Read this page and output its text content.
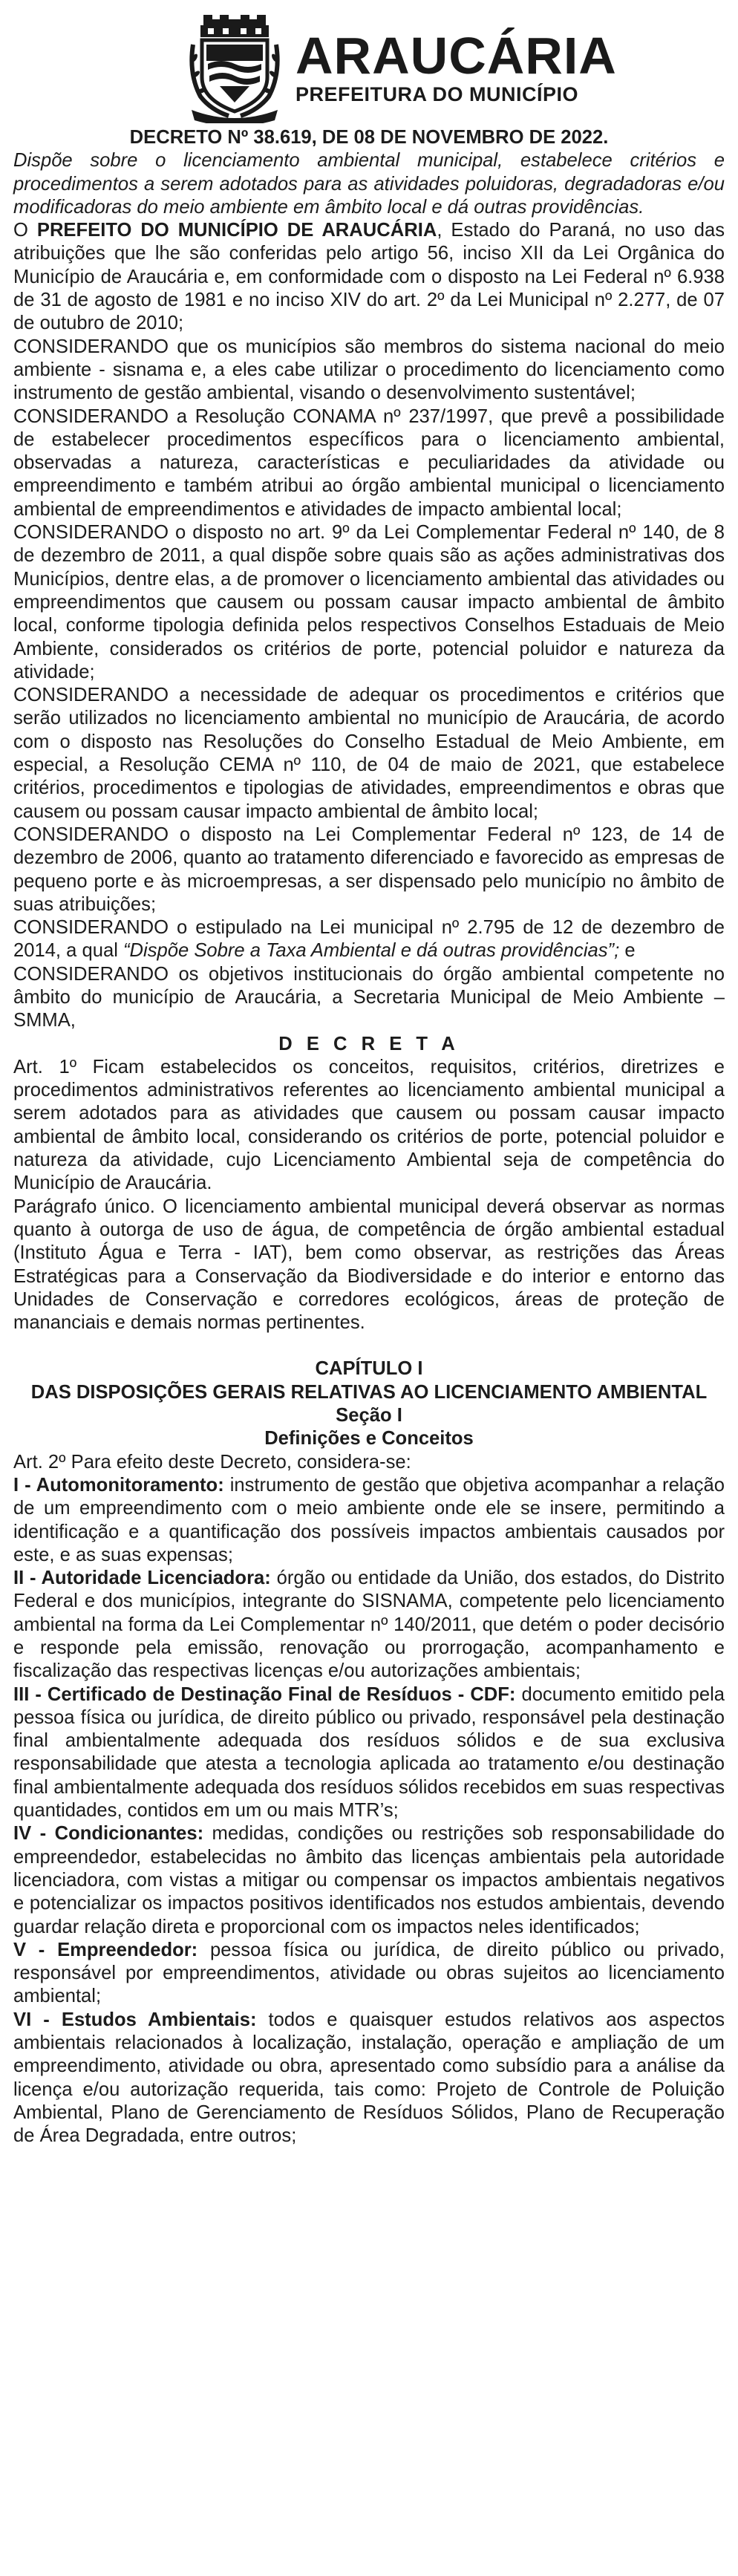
ARAUCÁRIA
PREFEITURA DO MUNICÍPIO

DECRETO Nº 38.619, DE 08 DE NOVEMBRO DE 2022.

Dispõe sobre o licenciamento ambiental municipal, estabelece critérios e procedimentos a serem adotados para as atividades poluidoras, degradadoras e/ou modificadoras do meio ambiente em âmbito local e dá outras providências.

O PREFEITO DO MUNICÍPIO DE ARAUCÁRIA, Estado do Paraná, no uso das atribuições que lhe são conferidas pelo artigo 56, inciso XII da Lei Orgânica do Município de Araucária e, em conformidade com o disposto na Lei Federal nº 6.938 de 31 de agosto de 1981 e no inciso XIV do art. 2º da Lei Municipal nº 2.277, de 07 de outubro de 2010;

CONSIDERANDO que os municípios são membros do sistema nacional do meio ambiente - sisnama e, a eles cabe utilizar o procedimento do licenciamento como instrumento de gestão ambiental, visando o desenvolvimento sustentável;

CONSIDERANDO a Resolução CONAMA nº 237/1997, que prevê a possibilidade de estabelecer procedimentos específicos para o licenciamento ambiental, observadas a natureza, características e peculiaridades da atividade ou empreendimento e também atribui ao órgão ambiental municipal o licenciamento ambiental de empreendimentos e atividades de impacto ambiental local;

CONSIDERANDO o disposto no art. 9º da Lei Complementar Federal nº 140, de 8 de dezembro de 2011, a qual dispõe sobre quais são as ações administrativas dos Municípios, dentre elas, a de promover o licenciamento ambiental das atividades ou empreendimentos que causem ou possam causar impacto ambiental de âmbito local, conforme tipologia definida pelos respectivos Conselhos Estaduais de Meio Ambiente, considerados os critérios de porte, potencial poluidor e natureza da atividade;

CONSIDERANDO a necessidade de adequar os procedimentos e critérios que serão utilizados no licenciamento ambiental no município de Araucária, de acordo com o disposto nas Resoluções do Conselho Estadual de Meio Ambiente, em especial, a Resolução CEMA nº 110, de 04 de maio de 2021, que estabelece critérios, procedimentos e tipologias de atividades, empreendimentos e obras que causem ou possam causar impacto ambiental de âmbito local;

CONSIDERANDO o disposto na Lei Complementar Federal nº 123, de 14 de dezembro de 2006, quanto ao tratamento diferenciado e favorecido as empresas de pequeno porte e às microempresas, a ser dispensado pelo município no âmbito de suas atribuições;

CONSIDERANDO o estipulado na Lei municipal nº 2.795 de 12 de dezembro de 2014, a qual “Dispõe Sobre a Taxa Ambiental e dá outras providências”; e

CONSIDERANDO os objetivos institucionais do órgão ambiental competente no âmbito do município de Araucária, a Secretaria Municipal de Meio Ambiente – SMMA,

D E C R E T A

Art. 1º Ficam estabelecidos os conceitos, requisitos, critérios, diretrizes e procedimentos administrativos referentes ao licenciamento ambiental municipal a serem adotados para as atividades que causem ou possam causar impacto ambiental de âmbito local, considerando os critérios de porte, potencial poluidor e natureza da atividade, cujo Licenciamento Ambiental seja de competência do Município de Araucária.

Parágrafo único. O licenciamento ambiental municipal deverá observar as normas quanto à outorga de uso de água, de competência de órgão ambiental estadual (Instituto Água e Terra - IAT), bem como observar, as restrições das Áreas Estratégicas para a Conservação da Biodiversidade e do interior e entorno das Unidades de Conservação e corredores ecológicos, áreas de proteção de mananciais e demais normas pertinentes.

CAPÍTULO I

DAS DISPOSIÇÕES GERAIS RELATIVAS AO LICENCIAMENTO AMBIENTAL

Seção I

Definições e Conceitos

Art. 2º Para efeito deste Decreto, considera-se:

I - Automonitoramento: instrumento de gestão que objetiva acompanhar a relação de um empreendimento com o meio ambiente onde ele se insere, permitindo a identificação e a quantificação dos possíveis impactos ambientais causados por este, e as suas expensas;

II - Autoridade Licenciadora: órgão ou entidade da União, dos estados, do Distrito Federal e dos municípios, integrante do SISNAMA, competente pelo licenciamento ambiental na forma da Lei Complementar nº 140/2011, que detém o poder decisório e responde pela emissão, renovação ou prorrogação, acompanhamento e fiscalização das respectivas licenças e/ou autorizações ambientais;

III - Certificado de Destinação Final de Resíduos - CDF: documento emitido pela pessoa física ou jurídica, de direito público ou privado, responsável pela destinação final ambientalmente adequada dos resíduos sólidos e de sua exclusiva responsabilidade que atesta a tecnologia aplicada ao tratamento e/ou destinação final ambientalmente adequada dos resíduos sólidos recebidos em suas respectivas quantidades, contidos em um ou mais MTR’s;

IV - Condicionantes: medidas, condições ou restrições sob responsabilidade do empreendedor, estabelecidas no âmbito das licenças ambientais pela autoridade licenciadora, com vistas a mitigar ou compensar os impactos ambientais negativos e potencializar os impactos positivos identificados nos estudos ambientais, devendo guardar relação direta e proporcional com os impactos neles identificados;

V - Empreendedor: pessoa física ou jurídica, de direito público ou privado, responsável por empreendimentos, atividade ou obras sujeitos ao licenciamento ambiental;

VI - Estudos Ambientais: todos e quaisquer estudos relativos aos aspectos ambientais relacionados à localização, instalação, operação e ampliação de um empreendimento, atividade ou obra, apresentado como subsídio para a análise da licença e/ou autorização requerida, tais como: Projeto de Controle de Poluição Ambiental, Plano de Gerenciamento de Resíduos Sólidos, Plano de Recuperação de Área Degradada, entre outros;
